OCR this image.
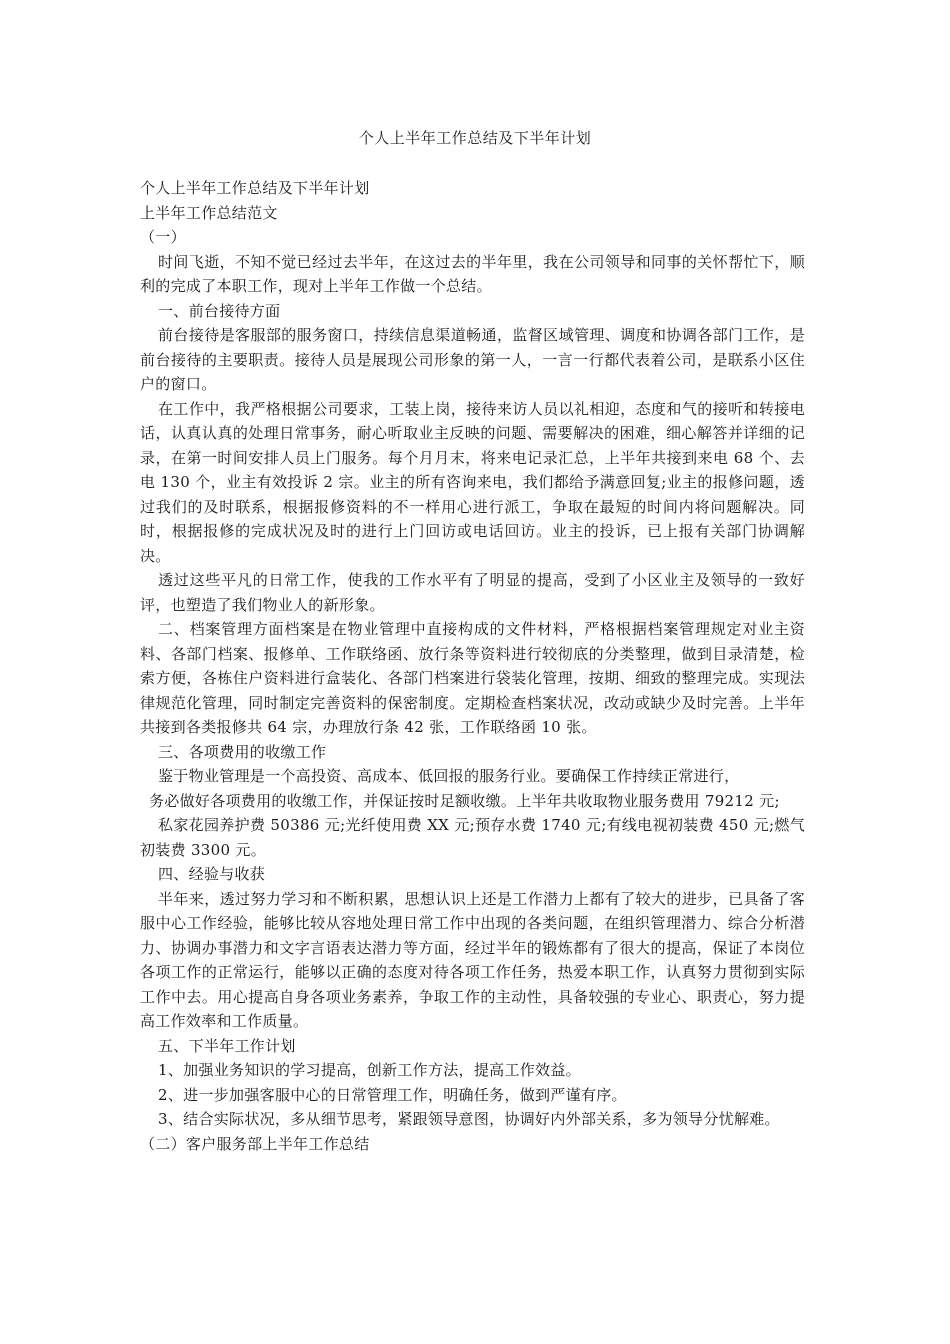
个人上半年工作总结及下半年计划

个人上半年工作总结及下半年计划

上半年工作总结范文

（一）

时间飞逝，不知不觉已经过去半年，在这过去的半年里，我在公司领导和同事的关怀帮忙下，顺利的完成了本职工作，现对上半年工作做一个总结。

一、前台接待方面

前台接待是客服部的服务窗口，持续信息渠道畅通，监督区域管理、调度和协调各部门工作，是前台接待的主要职责。接待人员是展现公司形象的第一人，一言一行都代表着公司，是联系小区住户的窗口。

在工作中，我严格根据公司要求，工装上岗，接待来访人员以礼相迎，态度和气的接听和转接电话，认真认真的处理日常事务，耐心听取业主反映的问题、需要解决的困难，细心解答并详细的记录，在第一时间安排人员上门服务。每个月月末，将来电记录汇总，上半年共接到来电 68 个、去电 130 个，业主有效投诉 2 宗。业主的所有咨询来电，我们都给予满意回复;业主的报修问题，透过我们的及时联系，根据报修资料的不一样用心进行派工，争取在最短的时间内将问题解决。同时，根据报修的完成状况及时的进行上门回访或电话回访。业主的投诉，已上报有关部门协调解决。

透过这些平凡的日常工作，使我的工作水平有了明显的提高，受到了小区业主及领导的一致好评，也塑造了我们物业人的新形象。

二、档案管理方面档案是在物业管理中直接构成的文件材料，严格根据档案管理规定对业主资料、各部门档案、报修单、工作联络函、放行条等资料进行较彻底的分类整理，做到目录清楚，检索方便，各栋住户资料进行盒装化、各部门档案进行袋装化管理，按期、细致的整理完成。实现法律规范化管理，同时制定完善资料的保密制度。定期检查档案状况，改动或缺少及时完善。上半年共接到各类报修共 64 宗，办理放行条 42 张，工作联络函 10 张。

三、各项费用的收缴工作

鉴于物业管理是一个高投资、高成本、低回报的服务行业。要确保工作持续正常进行，

务必做好各项费用的收缴工作，并保证按时足额收缴。上半年共收取物业服务费用 79212 元;

私家花园养护费 50386 元;光纤使用费 XX 元;预存水费 1740 元;有线电视初装费 450 元;燃气初装费 3300 元。

四、经验与收获

半年来，透过努力学习和不断积累，思想认识上还是工作潜力上都有了较大的进步，已具备了客服中心工作经验，能够比较从容地处理日常工作中出现的各类问题，在组织管理潜力、综合分析潜力、协调办事潜力和文字言语表达潜力等方面，经过半年的锻炼都有了很大的提高，保证了本岗位各项工作的正常运行，能够以正确的态度对待各项工作任务，热爱本职工作，认真努力贯彻到实际工作中去。用心提高自身各项业务素养，争取工作的主动性，具备较强的专业心、职责心，努力提高工作效率和工作质量。

五、下半年工作计划

1、加强业务知识的学习提高，创新工作方法，提高工作效益。

2、进一步加强客服中心的日常管理工作，明确任务，做到严谨有序。

3、结合实际状况，多从细节思考，紧跟领导意图，协调好内外部关系，多为领导分忧解难。

（二）客户服务部上半年工作总结
